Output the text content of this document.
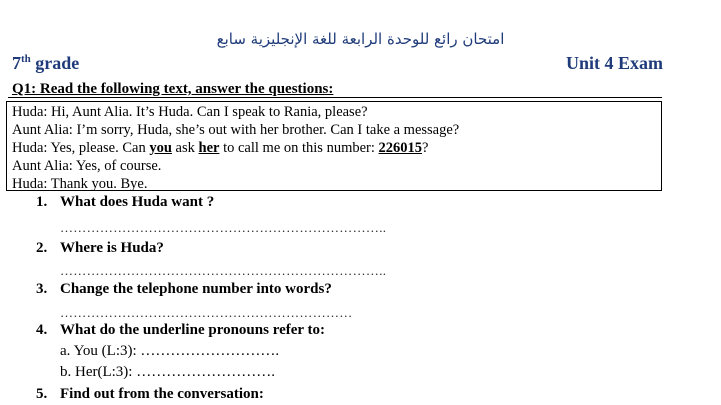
امتحان رائع للوحدة الرابعة للغة الإنجليزية سابع
7th grade	Unit 4 Exam
Q1: Read the following text, answer the questions:
Huda: Hi, Aunt Alia. It’s Huda. Can I speak to Rania, please?
Aunt Alia: I’m sorry, Huda, she’s out with her brother. Can I take a message?
Huda: Yes, please. Can you ask her to call me on this number: 226015?
Aunt Alia: Yes, of course.
Huda: Thank you. Bye.
1. What does Huda want ?
………………………………………………………………..
2. Where is Huda?
………………………………………………………………..
3. Change the telephone number into words?
…………………………………………………………
4. What do the underline pronouns refer to:
a. You (L:3): ……………………….
b. Her(L:3): ……………………….
5. Find out from the conversation:
